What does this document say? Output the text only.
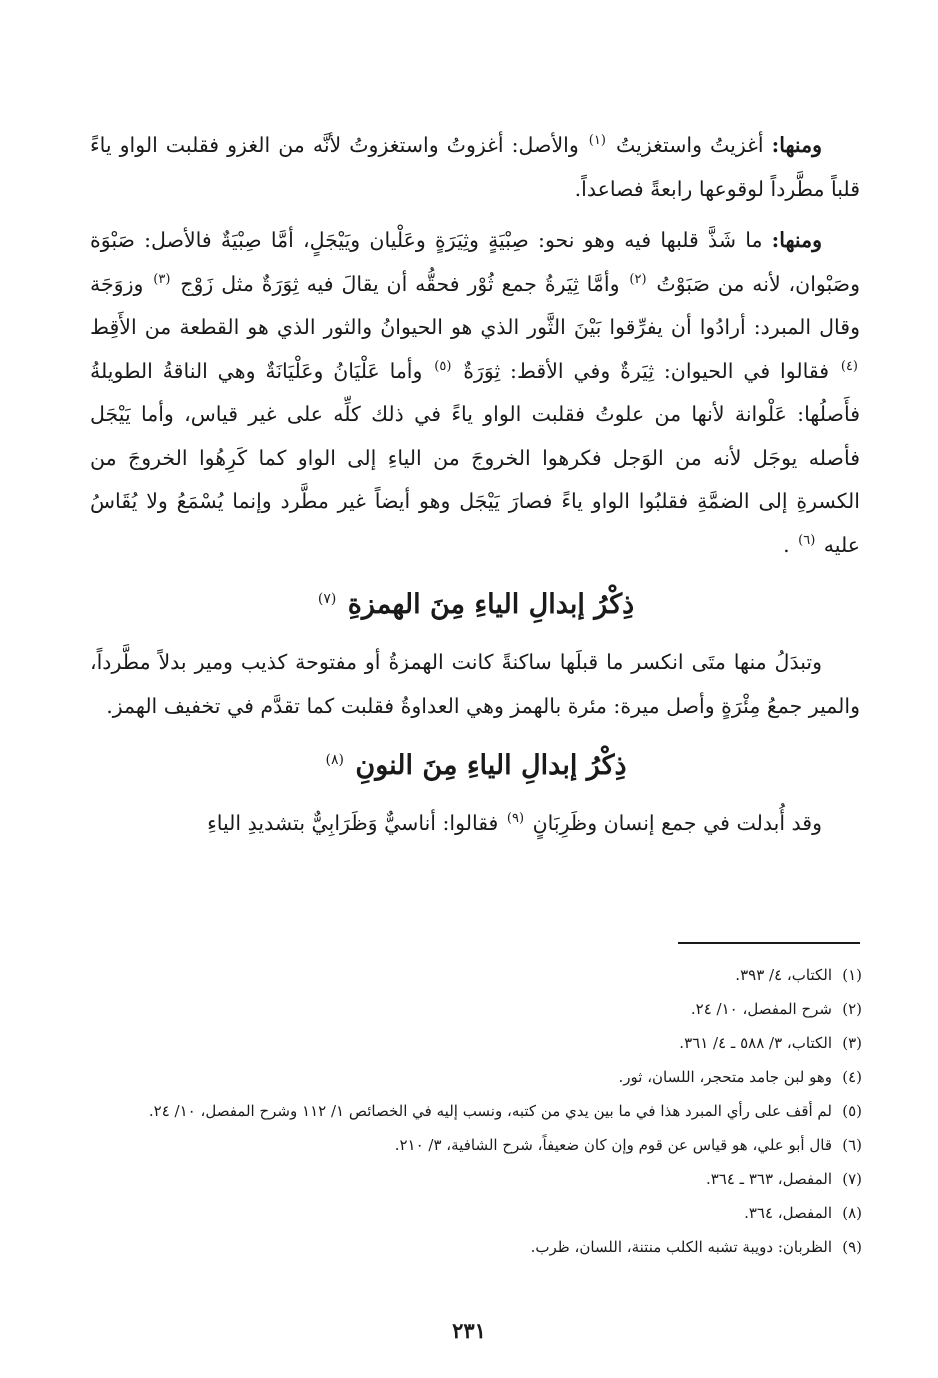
ومنها: أغزيتُ واستغزيتُ $^{(١)}$ والأصل: أغزوتُ واستغزوتُ لأنَّه من الغزو فقلبت الواو ياءً قلباً مطَّرداً لوقوعها رابعةً فصاعداً.

ومنها: ما شَذَّ قلبها فيه وهو نحو: صِبْيَةٍ وثِيَرَةٍ وعَلْيان ويَيْجَلٍ، أمَّا صِبْيَةٌ فالأصل: صَبْوَة وصَبْوان، لأنه من صَبَوْتُ $^{(٢)}$ وأمَّا ثِيَرةُ جمع ثُوْر فحقُّه أن يقالَ فيه ثِوَرَةٌ مثل زَوْج $^{(٣)}$ وزوَجَة وقال المبرد: أرادُوا أن يفرِّقوا بَيْنَ الثَّور الذي هو الحيوانُ والثور الذي هو القطعة من الأَقِط $^{(٤)}$ فقالوا في الحيوان: ثِيَرةٌ وفي الأقط: ثِوَرَةٌ $^{(٥)}$ وأما عَلْيَانُ وعَلْيَانَةٌ وهي الناقةُ الطويلةُ فأَصلُها: عَلْوانة لأنها من علوتُ فقلبت الواو ياءً في ذلك كلِّه على غير قياس، وأما يَيْجَل فأصله يوجَل لأنه من الوَجل فكرهوا الخروجَ من الياءِ إلى الواو كما كَرِهُوا الخروجَ من الكسرةِ إلى الضمَّةِ فقلبُوا الواو ياءً فصارَ يَيْجَل وهو أيضاً غير مطَّرد وإنما يُسْمَعُ ولا يُقَاسُ عليه $^{(٦)}$ .

ذِكْرُ إبدالِ الياءِ مِنَ الهمزةِ $^{(٧)}$

وتبدَلُ منها متَى انكسر ما قبلَها ساكنةً كانت الهمزةُ أو مفتوحة كذيب ومير بدلاً مطَّرداً، والمير جمعُ مِئْرَةٍ وأصل ميرة: مئرة بالهمز وهي العداوةُ فقلبت كما تقدَّم في تخفيف الهمز.

ذِكْرُ إبدالِ الياءِ مِنَ النونِ $^{(٨)}$

وقد أُبدلت في جمع إنسان وظَرِبَانٍ $^{(٩)}$ فقالوا: أناسيٌّ وَظَرَابِيٌّ بتشديدِ الياءِ

(١)
الكتاب، ٤/ ٣٩٣.
(٢)
شرح المفصل، ١٠/ ٢٤.
(٣)
الكتاب، ٣/ ٥٨٨ ـ ٤/ ٣٦١.
(٤)
وهو لبن جامد متحجر، اللسان، ثور.
(٥)
لم أقف على رأي المبرد هذا في ما بين يدي من كتبه، ونسب إليه في الخصائص ١/ ١١٢ وشرح المفصل، ١٠/ ٢٤.
(٦)
قال أبو علي، هو قياس عن قوم وإن كان ضعيفاً، شرح الشافية، ٣/ ٢١٠.
(٧)
المفصل، ٣٦٣ ـ ٣٦٤.
(٨)
المفصل، ٣٦٤.
(٩)
الظربان: دويبة تشبه الكلب منتنة، اللسان، ظرب.
٢٣١
